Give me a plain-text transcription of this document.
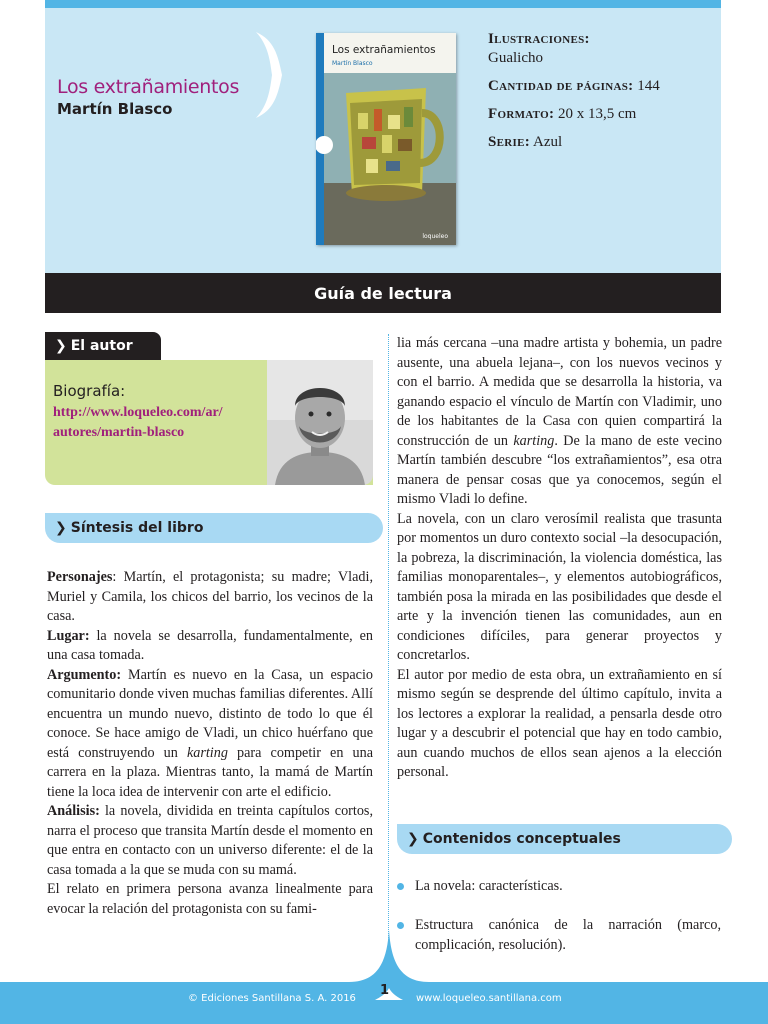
Los extrañamientos
Martín Blasco
Los extrañamientos
Martín Blasco
loqueleo
Ilustraciones:
Gualicho
Cantidad de páginas: 144
Formato: 20 x 13,5 cm
Serie: Azul
Guía de lectura
❯ El autor
Biografía:
http://www.loqueleo.com/ar/
autores/martin-blasco
❯ Síntesis del libro

Personajes: Martín, el protagonista; su madre; Vladi, Muriel y Camila, los chicos del barrio, los vecinos de la casa.

Lugar: la novela se desarrolla, fundamentalmente, en una casa tomada.

Argumento: Martín es nuevo en la Casa, un espacio comunitario donde viven muchas familias diferentes. Allí encuentra un mundo nuevo, distinto de todo lo que él conoce. Se hace amigo de Vladi, un chico huérfano que está construyendo un karting para competir en una carrera en la plaza. Mientras tanto, la mamá de Martín tiene la loca idea de intervenir con arte el edificio.

Análisis: la novela, dividida en treinta capítulos cortos, narra el proceso que transita Martín desde el momento en que entra en contacto con un universo diferente: el de la casa tomada a la que se muda con su mamá.

El relato en primera persona avanza linealmente para evocar la relación del protagonista con su fami-

lia más cercana –una madre artista y bohemia, un padre ausente, una abuela lejana–, con los nuevos vecinos y con el barrio. A medida que se desarrolla la historia, va ganando espacio el vínculo de Martín con Vladimir, uno de los habitantes de la Casa con quien compartirá la construcción de un karting. De la mano de este vecino Martín también descubre “los extrañamientos”, esa otra manera de pensar cosas que ya conocemos, según el mismo Vladi lo define.

La novela, con un claro verosímil realista que trasunta por momentos un duro contexto social –la desocupación, la pobreza, la discriminación, la violencia doméstica, las familias monoparentales–, y elementos autobiográficos, también posa la mirada en las posibilidades que desde el arte y la invención tienen las comunidades, aun en condiciones difíciles, para generar proyectos y concretarlos.

El autor por medio de esta obra, un extrañamiento en sí mismo según se desprende del último capítulo, invita a los lectores a explorar la realidad, a pensarla desde otro lugar y a descubrir el potencial que hay en todo cambio, aun cuando muchos de ellos sean ajenos a la elección personal.

❯ Contenidos conceptuales
La novela: características.
Estructura canónica de la narración (marco, complicación, resolución).
© Ediciones Santillana S. A. 2016
1
www.loqueleo.santillana.com
